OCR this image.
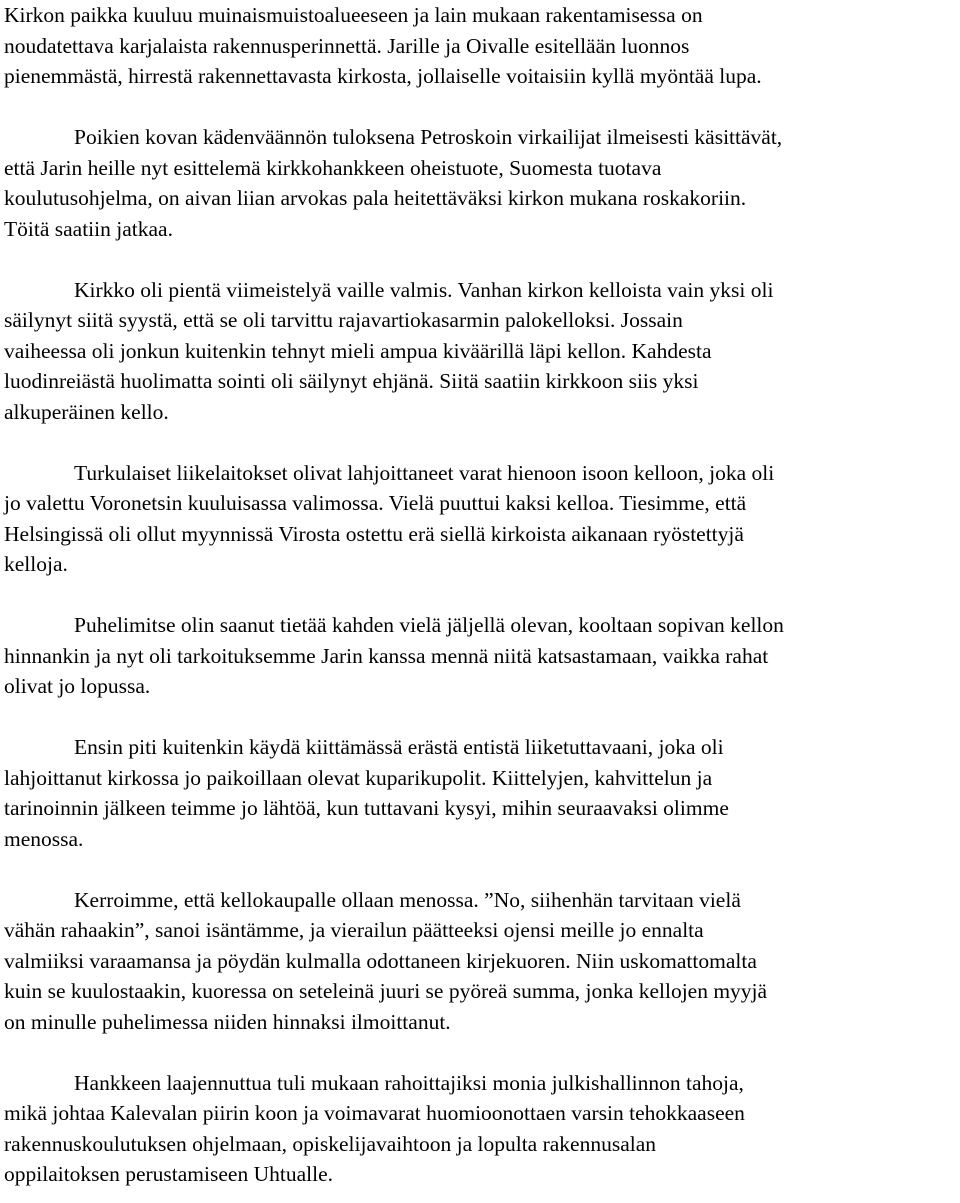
Kirkon paikka kuuluu muinaismuistoalueeseen ja lain mukaan rakentamisessa on
noudatettava karjalaista rakennusperinnettä. Jarille ja Oivalle esitellään luonnos
pienemmästä, hirrestä rakennettavasta kirkosta, jollaiselle voitaisiin kyllä myöntää lupa.

Poikien kovan kädenväännön tuloksena Petroskoin virkailijat ilmeisesti käsittävät,
että Jarin heille nyt esittelemä kirkkohankkeen oheistuote, Suomesta tuotava
koulutusohjelma, on aivan liian arvokas pala heitettäväksi kirkon mukana roskakoriin.
Töitä saatiin jatkaa.

Kirkko oli pientä viimeistelyä vaille valmis. Vanhan kirkon kelloista vain yksi oli
säilynyt siitä syystä, että se oli tarvittu rajavartiokasarmin palokelloksi. Jossain
vaiheessa oli jonkun kuitenkin tehnyt mieli ampua kiväärillä läpi kellon. Kahdesta
luodinreiästä huolimatta sointi oli säilynyt ehjänä. Siitä saatiin kirkkoon siis yksi
alkuperäinen kello.

Turkulaiset liikelaitokset olivat lahjoittaneet varat hienoon isoon kelloon, joka oli
jo valettu Voronetsin kuuluisassa valimossa. Vielä puuttui kaksi kelloa. Tiesimme, että
Helsingissä oli ollut myynnissä Virosta ostettu erä siellä kirkoista aikanaan ryöstettyjä
kelloja.

Puhelimitse olin saanut tietää kahden vielä jäljellä olevan, kooltaan sopivan kellon
hinnankin ja nyt oli tarkoituksemme Jarin kanssa mennä niitä katsastamaan, vaikka rahat
olivat jo lopussa.

Ensin piti kuitenkin käydä kiittämässä erästä entistä liiketuttavaani, joka oli
lahjoittanut kirkossa jo paikoillaan olevat kuparikupolit. Kiittelyjen, kahvittelun ja
tarinoinnin jälkeen teimme jo lähtöä, kun tuttavani kysyi, mihin seuraavaksi olimme
menossa.

Kerroimme, että kellokaupalle ollaan menossa. ”No, siihenhän tarvitaan vielä
vähän rahaakin”, sanoi isäntämme, ja vierailun päätteeksi ojensi meille jo ennalta
valmiiksi varaamansa ja pöydän kulmalla odottaneen kirjekuoren. Niin uskomattomalta
kuin se kuulostaakin, kuoressa on seteleinä juuri se pyöreä summa, jonka kellojen myyjä
on minulle puhelimessa niiden hinnaksi ilmoittanut.

Hankkeen laajennuttua tuli mukaan rahoittajiksi monia julkishallinnon tahoja,
mikä johtaa Kalevalan piirin koon ja voimavarat huomioonottaen varsin tehokkaaseen
rakennuskoulutuksen ohjelmaan, opiskelijavaihtoon ja lopulta rakennusalan
oppilaitoksen perustamiseen Uhtualle.
